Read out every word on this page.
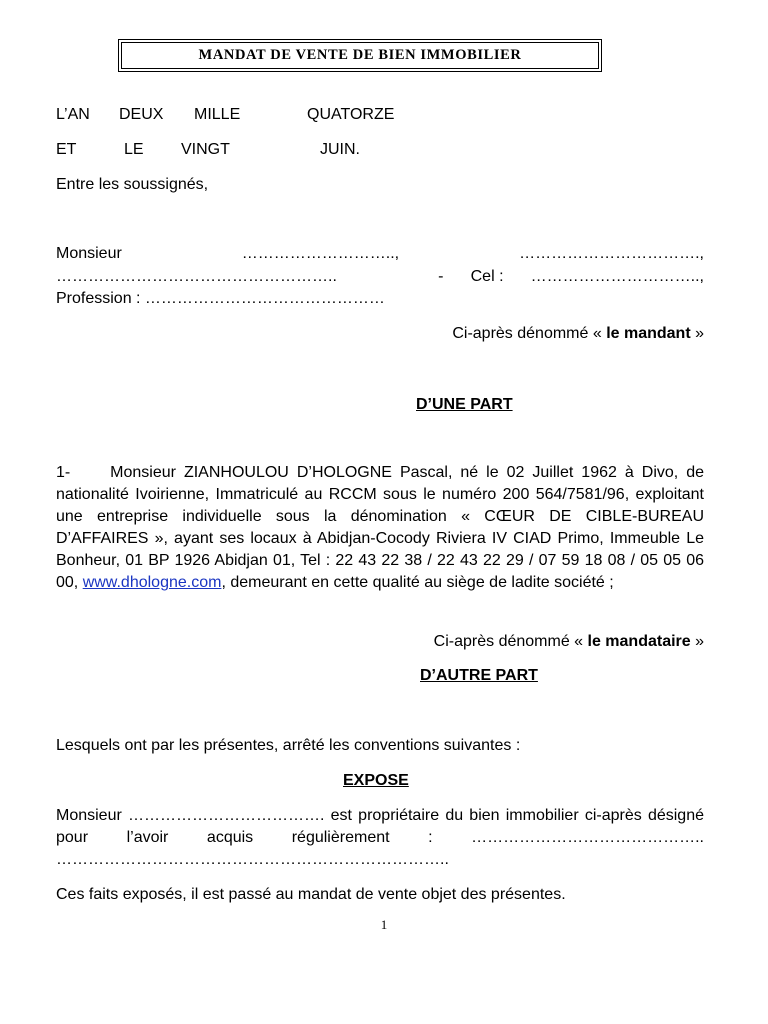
MANDAT DE VENTE DE BIEN IMMOBILIER
L’AN DEUX MILLE	QUATORZE
ET	LE VINGT	JUIN.
Entre les soussignés,
Monsieur	………………………..,	…………………………….,
……………………………………………..	- Cel : …………………………..,
Profession : ………………………………………
Ci-après dénommé « le mandant »
D’UNE PART
1-     Monsieur ZIANHOULOU D’HOLOGNE Pascal, né le 02 Juillet 1962 à Divo, de nationalité Ivoirienne, Immatriculé au RCCM sous le numéro 200 564/7581/96, exploitant une entreprise individuelle sous la dénomination « CŒUR DE CIBLE-BUREAU D’AFFAIRES », ayant ses locaux à Abidjan-Cocody Riviera IV CIAD Primo, Immeuble Le Bonheur, 01 BP 1926 Abidjan 01, Tel : 22 43 22 38 / 22 43 22 29 / 07 59 18 08 / 05 05 06 00, www.dhologne.com, demeurant en cette qualité au siège de ladite société ;
Ci-après dénommé « le mandataire »
D’AUTRE PART
Lesquels ont par les présentes, arrêté les conventions suivantes :
EXPOSE
Monsieur ………………………………. est propriétaire du bien immobilier ci-après désigné pour l’avoir acquis régulièrement : …………………………………….. ………………………………………………………………..
Ces faits exposés, il est passé au mandat de vente objet des présentes.
1
